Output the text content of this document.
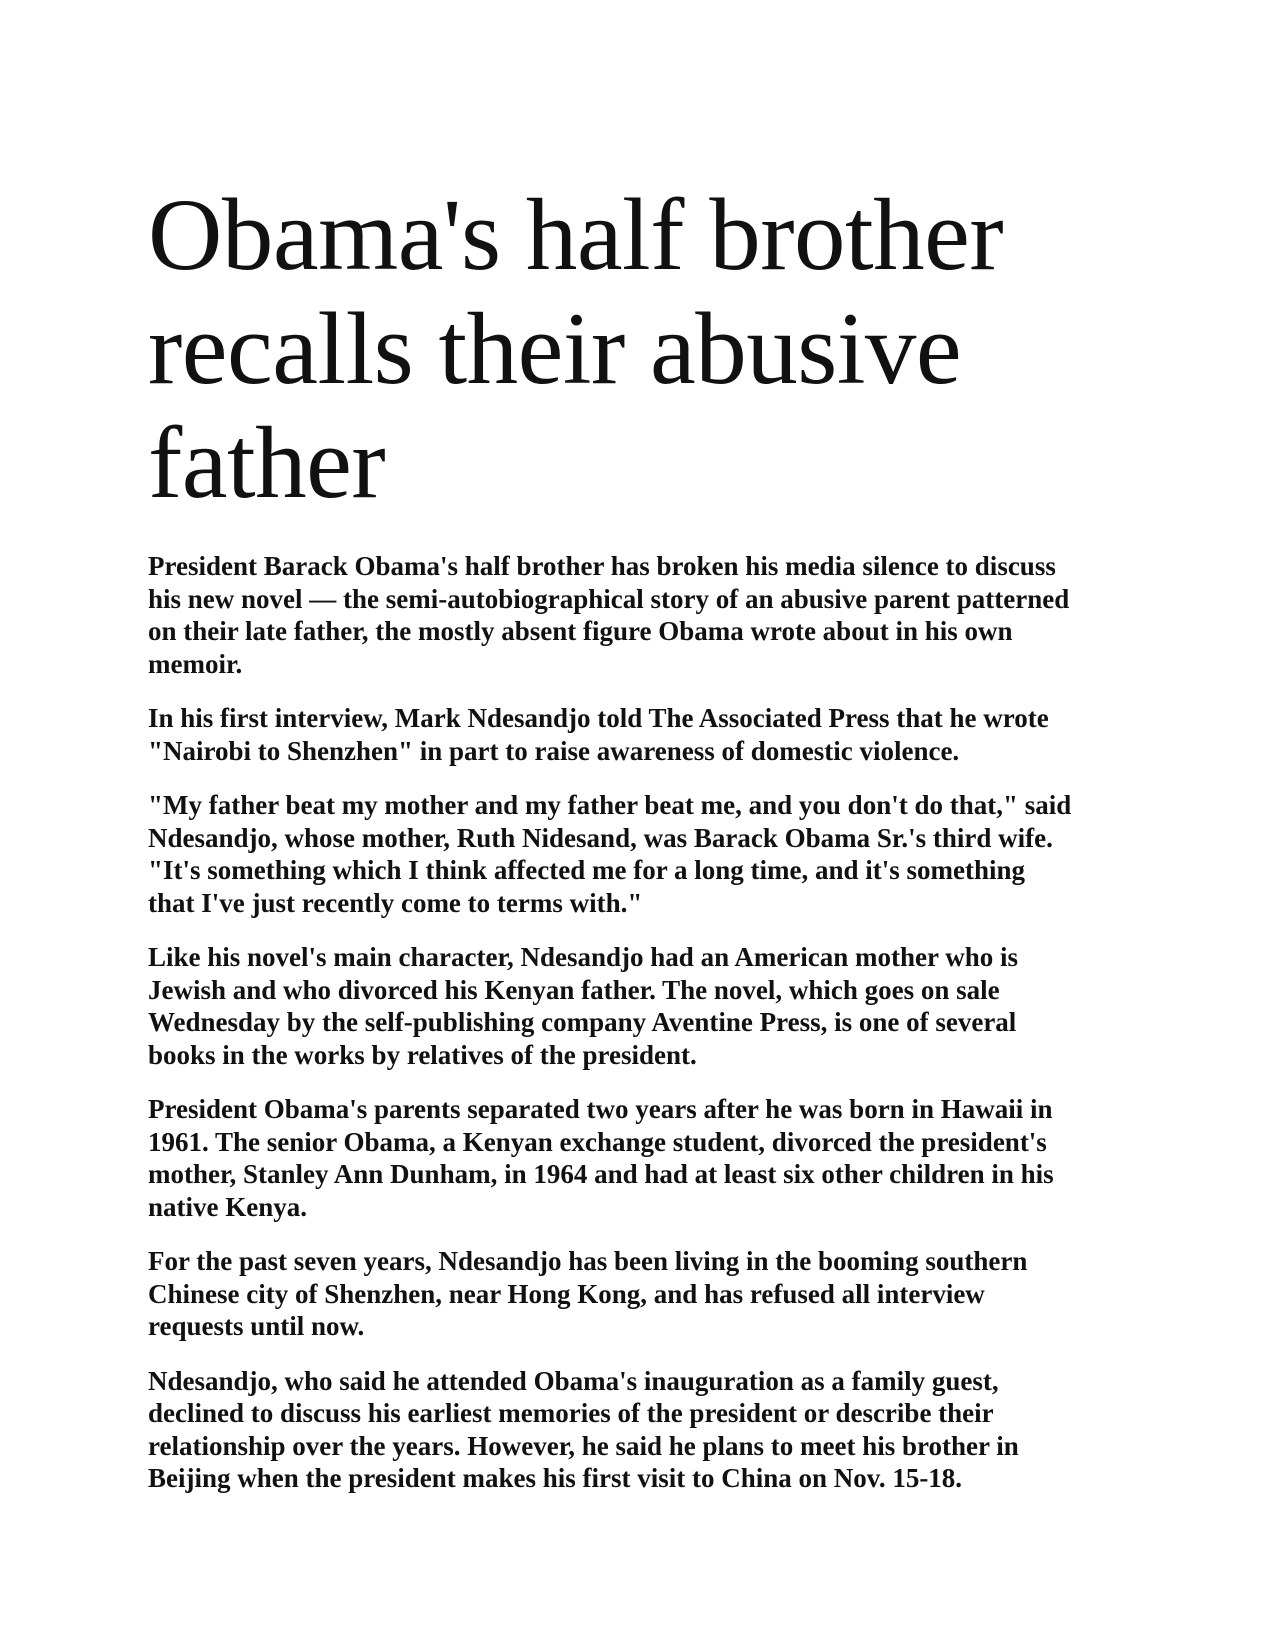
Obama's half brother
recalls their abusive
father

President Barack Obama's half brother has broken his media silence to discuss
his new novel — the semi-autobiographical story of an abusive parent patterned
on their late father, the mostly absent figure Obama wrote about in his own
memoir.

In his first interview, Mark Ndesandjo told The Associated Press that he wrote
"Nairobi to Shenzhen" in part to raise awareness of domestic violence.

"My father beat my mother and my father beat me, and you don't do that," said
Ndesandjo, whose mother, Ruth Nidesand, was Barack Obama Sr.'s third wife.
"It's something which I think affected me for a long time, and it's something
that I've just recently come to terms with."

Like his novel's main character, Ndesandjo had an American mother who is
Jewish and who divorced his Kenyan father. The novel, which goes on sale
Wednesday by the self-publishing company Aventine Press, is one of several
books in the works by relatives of the president.

President Obama's parents separated two years after he was born in Hawaii in
1961. The senior Obama, a Kenyan exchange student, divorced the president's
mother, Stanley Ann Dunham, in 1964 and had at least six other children in his
native Kenya.

For the past seven years, Ndesandjo has been living in the booming southern
Chinese city of Shenzhen, near Hong Kong, and has refused all interview
requests until now.

Ndesandjo, who said he attended Obama's inauguration as a family guest,
declined to discuss his earliest memories of the president or describe their
relationship over the years. However, he said he plans to meet his brother in
Beijing when the president makes his first visit to China on Nov. 15-18.
